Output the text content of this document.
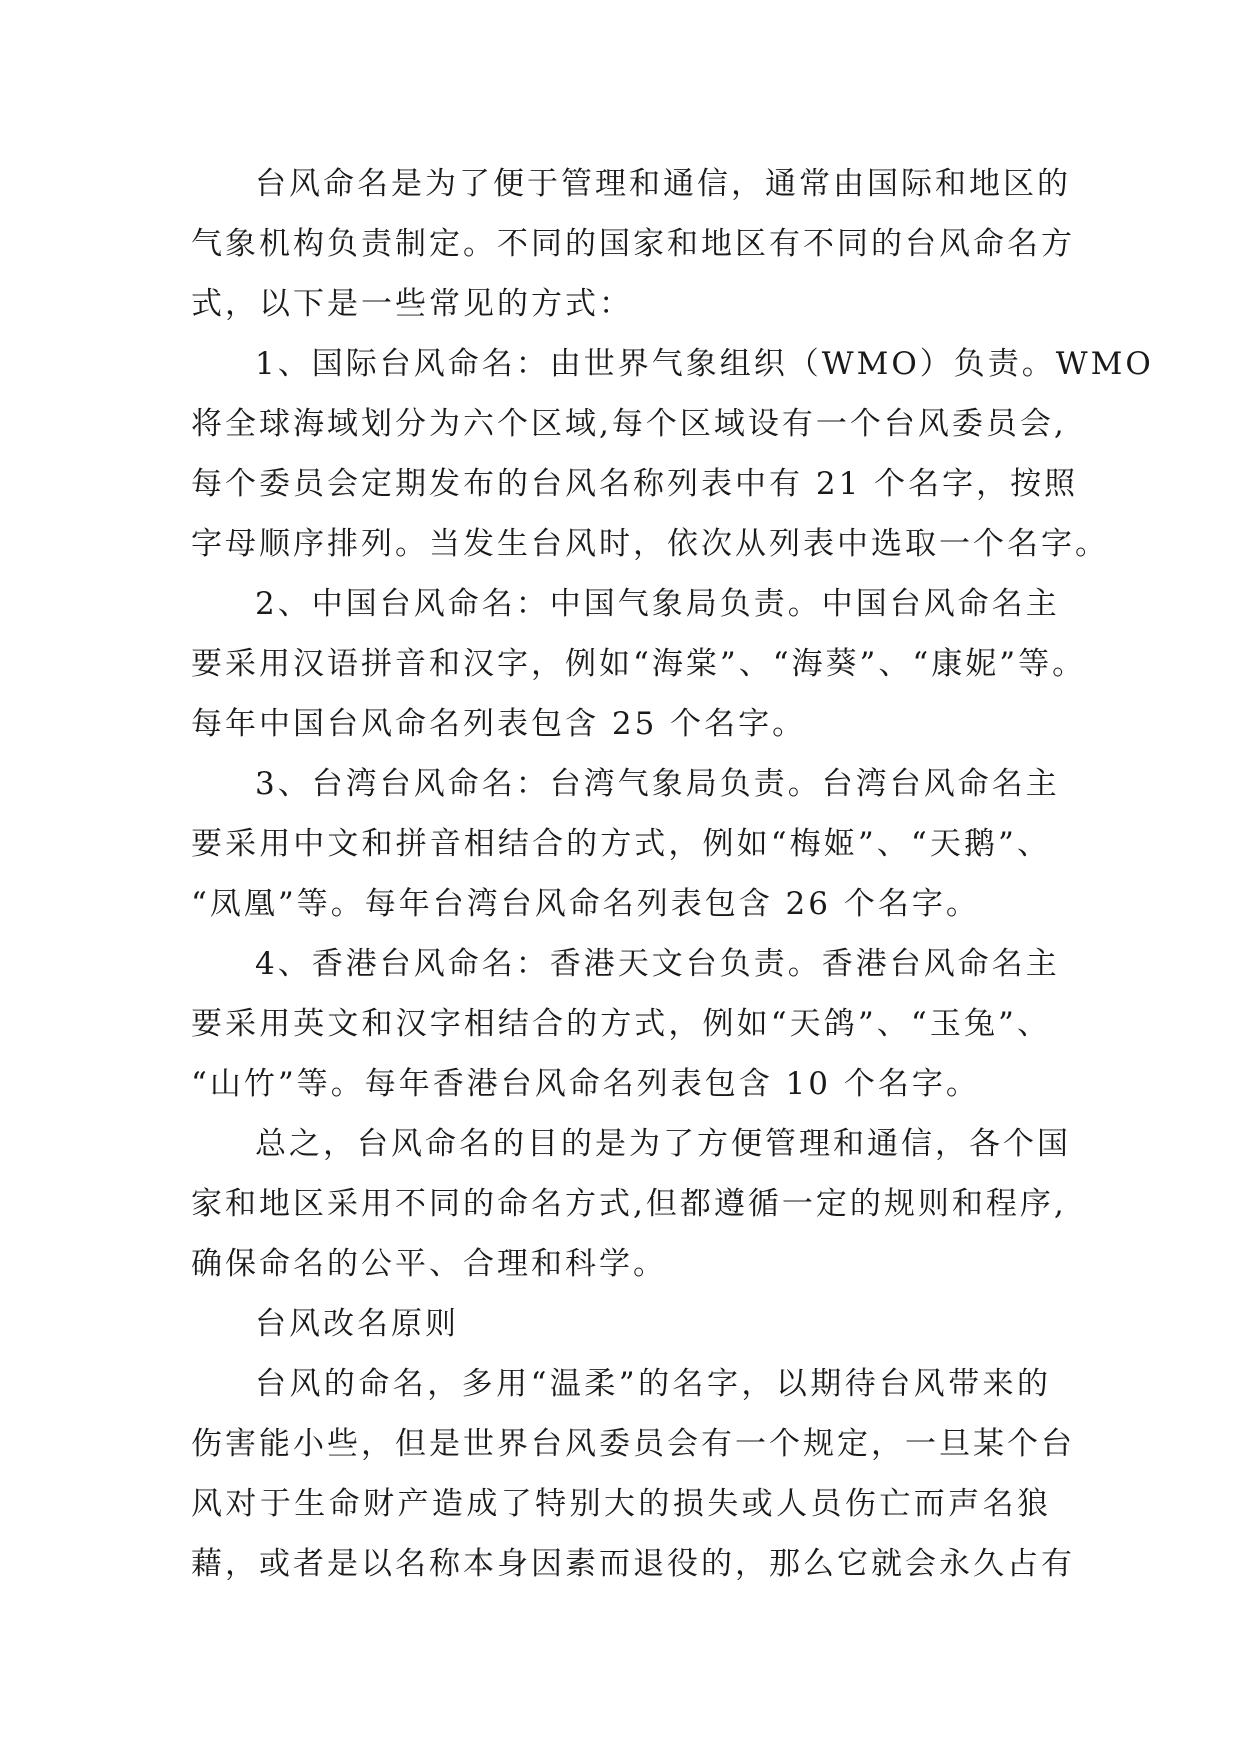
台风命名是为了便于管理和通信，通常由国际和地区的
气象机构负责制定。不同的国家和地区有不同的台风命名方
式，以下是一些常见的方式：
1、国际台风命名：由世界气象组织（WMO）负责。WMO
将全球海域划分为六个区域,每个区域设有一个台风委员会,
每个委员会定期发布的台风名称列表中有 21 个名字，按照
字母顺序排列。当发生台风时，依次从列表中选取一个名字。
2、中国台风命名：中国气象局负责。中国台风命名主
要采用汉语拼音和汉字，例如“海棠”、“海葵”、“康妮”等。
每年中国台风命名列表包含 25 个名字。
3、台湾台风命名：台湾气象局负责。台湾台风命名主
要采用中文和拼音相结合的方式，例如“梅姬”、“天鹅”、
“凤凰”等。每年台湾台风命名列表包含 26 个名字。
4、香港台风命名：香港天文台负责。香港台风命名主
要采用英文和汉字相结合的方式，例如“天鸽”、“玉兔”、
“山竹”等。每年香港台风命名列表包含 10 个名字。
总之，台风命名的目的是为了方便管理和通信，各个国
家和地区采用不同的命名方式,但都遵循一定的规则和程序,
确保命名的公平、合理和科学。
台风改名原则
台风的命名，多用“温柔”的名字，以期待台风带来的
伤害能小些，但是世界台风委员会有一个规定，一旦某个台
风对于生命财产造成了特别大的损失或人员伤亡而声名狼
藉，或者是以名称本身因素而退役的，那么它就会永久占有
